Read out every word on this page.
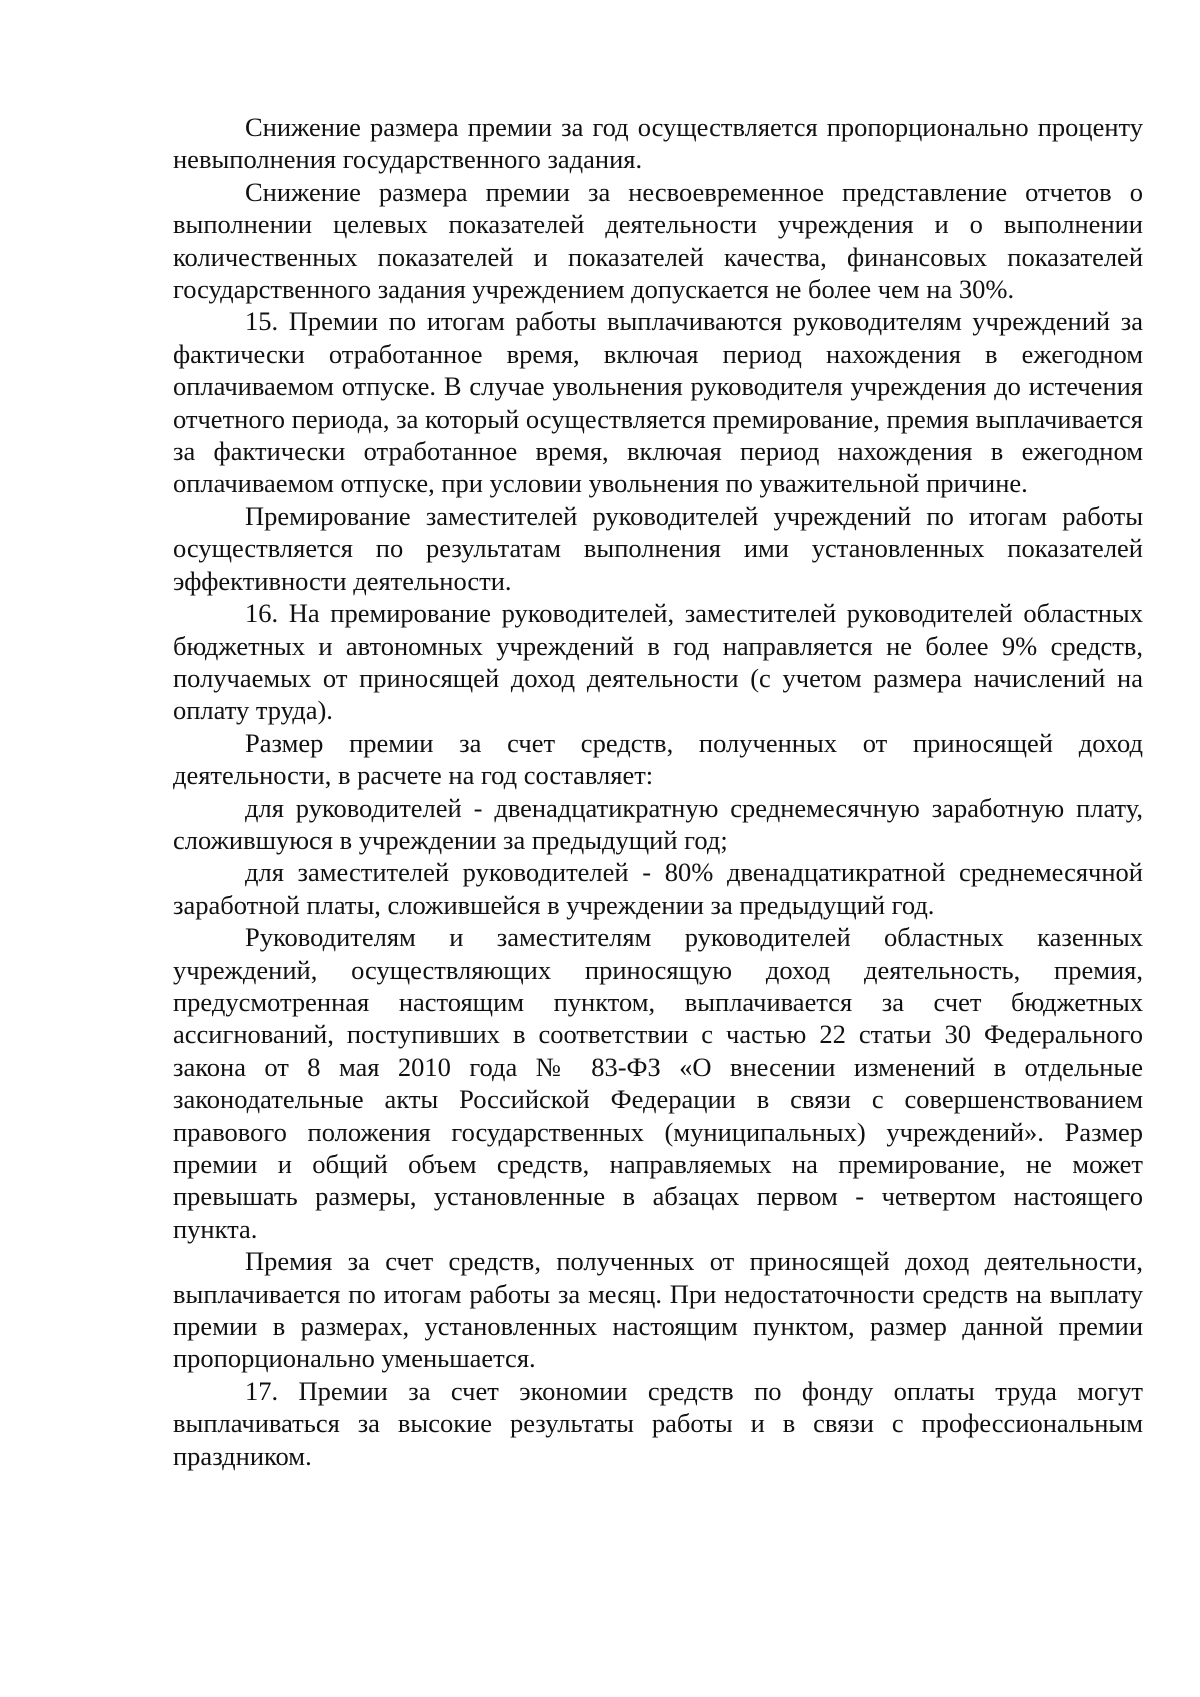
Снижение размера премии за год осуществляется пропорционально проценту невыполнения государственного задания.

Снижение размера премии за несвоевременное представление отчетов о выполнении целевых показателей деятельности учреждения и о выполнении количественных показателей и показателей качества, финансовых показателей государственного задания учреждением допускается не более чем на 30%.

15. Премии по итогам работы выплачиваются руководителям учреждений за фактически отработанное время, включая период нахождения в ежегодном оплачиваемом отпуске. В случае увольнения руководителя учреждения до истечения отчетного периода, за который осуществляется премирование, премия выплачивается за фактически отработанное время, включая период нахождения в ежегодном оплачиваемом отпуске, при условии увольнения по уважительной причине.

Премирование заместителей руководителей учреждений по итогам работы осуществляется по результатам выполнения ими установленных показателей эффективности деятельности.

16. На премирование руководителей, заместителей руководителей областных бюджетных и автономных учреждений в год направляется не более 9% средств, получаемых от приносящей доход деятельности (с учетом размера начислений на оплату труда).

Размер премии за счет средств, полученных от приносящей доход деятельности, в расчете на год составляет:

для руководителей - двенадцатикратную среднемесячную заработную плату, сложившуюся в учреждении за предыдущий год;

для заместителей руководителей - 80% двенадцатикратной среднемесячной заработной платы, сложившейся в учреждении за предыдущий год.

Руководителям и заместителям руководителей областных казенных учреждений, осуществляющих приносящую доход деятельность, премия, предусмотренная настоящим пунктом, выплачивается за счет бюджетных ассигнований, поступивших в соответствии с частью 22 статьи 30 Федерального закона от 8 мая 2010 года № 83-ФЗ «О внесении изменений в отдельные законодательные акты Российской Федерации в связи с совершенствованием правового положения государственных (муниципальных) учреждений». Размер премии и общий объем средств, направляемых на премирование, не может превышать размеры, установленные в абзацах первом - четвертом настоящего пункта.

Премия за счет средств, полученных от приносящей доход деятельности, выплачивается по итогам работы за месяц. При недостаточности средств на выплату премии в размерах, установленных настоящим пунктом, размер данной премии пропорционально уменьшается.

17. Премии за счет экономии средств по фонду оплаты труда могут выплачиваться за высокие результаты работы и в связи с профессиональным праздником.
